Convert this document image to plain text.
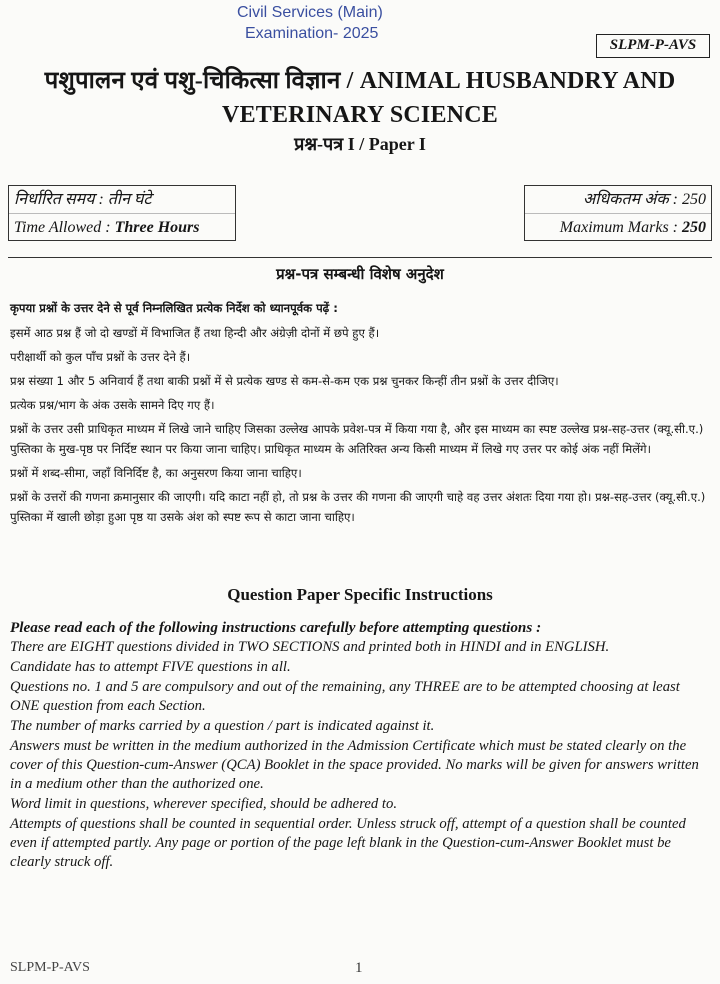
Civil Services (Main)
Examination- 2025
SLPM-P-AVS
पशुपालन एवं पशु-चिकित्सा विज्ञान / ANIMAL HUSBANDRY AND
VETERINARY SCIENCE
प्रश्न-पत्र I / Paper I
निर्धारित समय : तीन घंटे
Time Allowed : Three Hours
अधिकतम अंक : 250
Maximum Marks : 250
प्रश्न-पत्र सम्बन्धी विशेष अनुदेश
कृपया प्रश्नों के उत्तर देने से पूर्व निम्नलिखित प्रत्येक निर्देश को ध्यानपूर्वक पढ़ें :
इसमें आठ प्रश्न हैं जो दो खण्डों में विभाजित हैं तथा हिन्दी और अंग्रेज़ी दोनों में छपे हुए हैं।
परीक्षार्थी को कुल पाँच प्रश्नों के उत्तर देने हैं।
प्रश्न संख्या 1 और 5 अनिवार्य हैं तथा बाकी प्रश्नों में से प्रत्येक खण्ड से कम-से-कम एक प्रश्न चुनकर किन्हीं तीन प्रश्नों के उत्तर दीजिए।
प्रत्येक प्रश्न/भाग के अंक उसके सामने दिए गए हैं।
प्रश्नों के उत्तर उसी प्राधिकृत माध्यम में लिखे जाने चाहिए जिसका उल्लेख आपके प्रवेश-पत्र में किया गया है, और इस माध्यम का स्पष्ट उल्लेख प्रश्न-सह-उत्तर (क्यू.सी.ए.) पुस्तिका के मुख-पृष्ठ पर निर्दिष्ट स्थान पर किया जाना चाहिए। प्राधिकृत माध्यम के अतिरिक्त अन्य किसी माध्यम में लिखे गए उत्तर पर कोई अंक नहीं मिलेंगे।
प्रश्नों में शब्द-सीमा, जहाँ विनिर्दिष्ट है, का अनुसरण किया जाना चाहिए।
प्रश्नों के उत्तरों की गणना क्रमानुसार की जाएगी। यदि काटा नहीं हो, तो प्रश्न के उत्तर की गणना की जाएगी चाहे वह उत्तर अंशतः दिया गया हो। प्रश्न-सह-उत्तर (क्यू.सी.ए.) पुस्तिका में खाली छोड़ा हुआ पृष्ठ या उसके अंश को स्पष्ट रूप से काटा जाना चाहिए।
Question Paper Specific Instructions
Please read each of the following instructions carefully before attempting questions :
There are EIGHT questions divided in TWO SECTIONS and printed both in HINDI and in ENGLISH.
Candidate has to attempt FIVE questions in all.
Questions no. 1 and 5 are compulsory and out of the remaining, any THREE are to be attempted choosing at least ONE question from each Section.
The number of marks carried by a question / part is indicated against it.
Answers must be written in the medium authorized in the Admission Certificate which must be stated clearly on the cover of this Question-cum-Answer (QCA) Booklet in the space provided. No marks will be given for answers written in a medium other than the authorized one.
Word limit in questions, wherever specified, should be adhered to.
Attempts of questions shall be counted in sequential order. Unless struck off, attempt of a question shall be counted even if attempted partly. Any page or portion of the page left blank in the Question-cum-Answer Booklet must be clearly struck off.
SLPM-P-AVS	1
